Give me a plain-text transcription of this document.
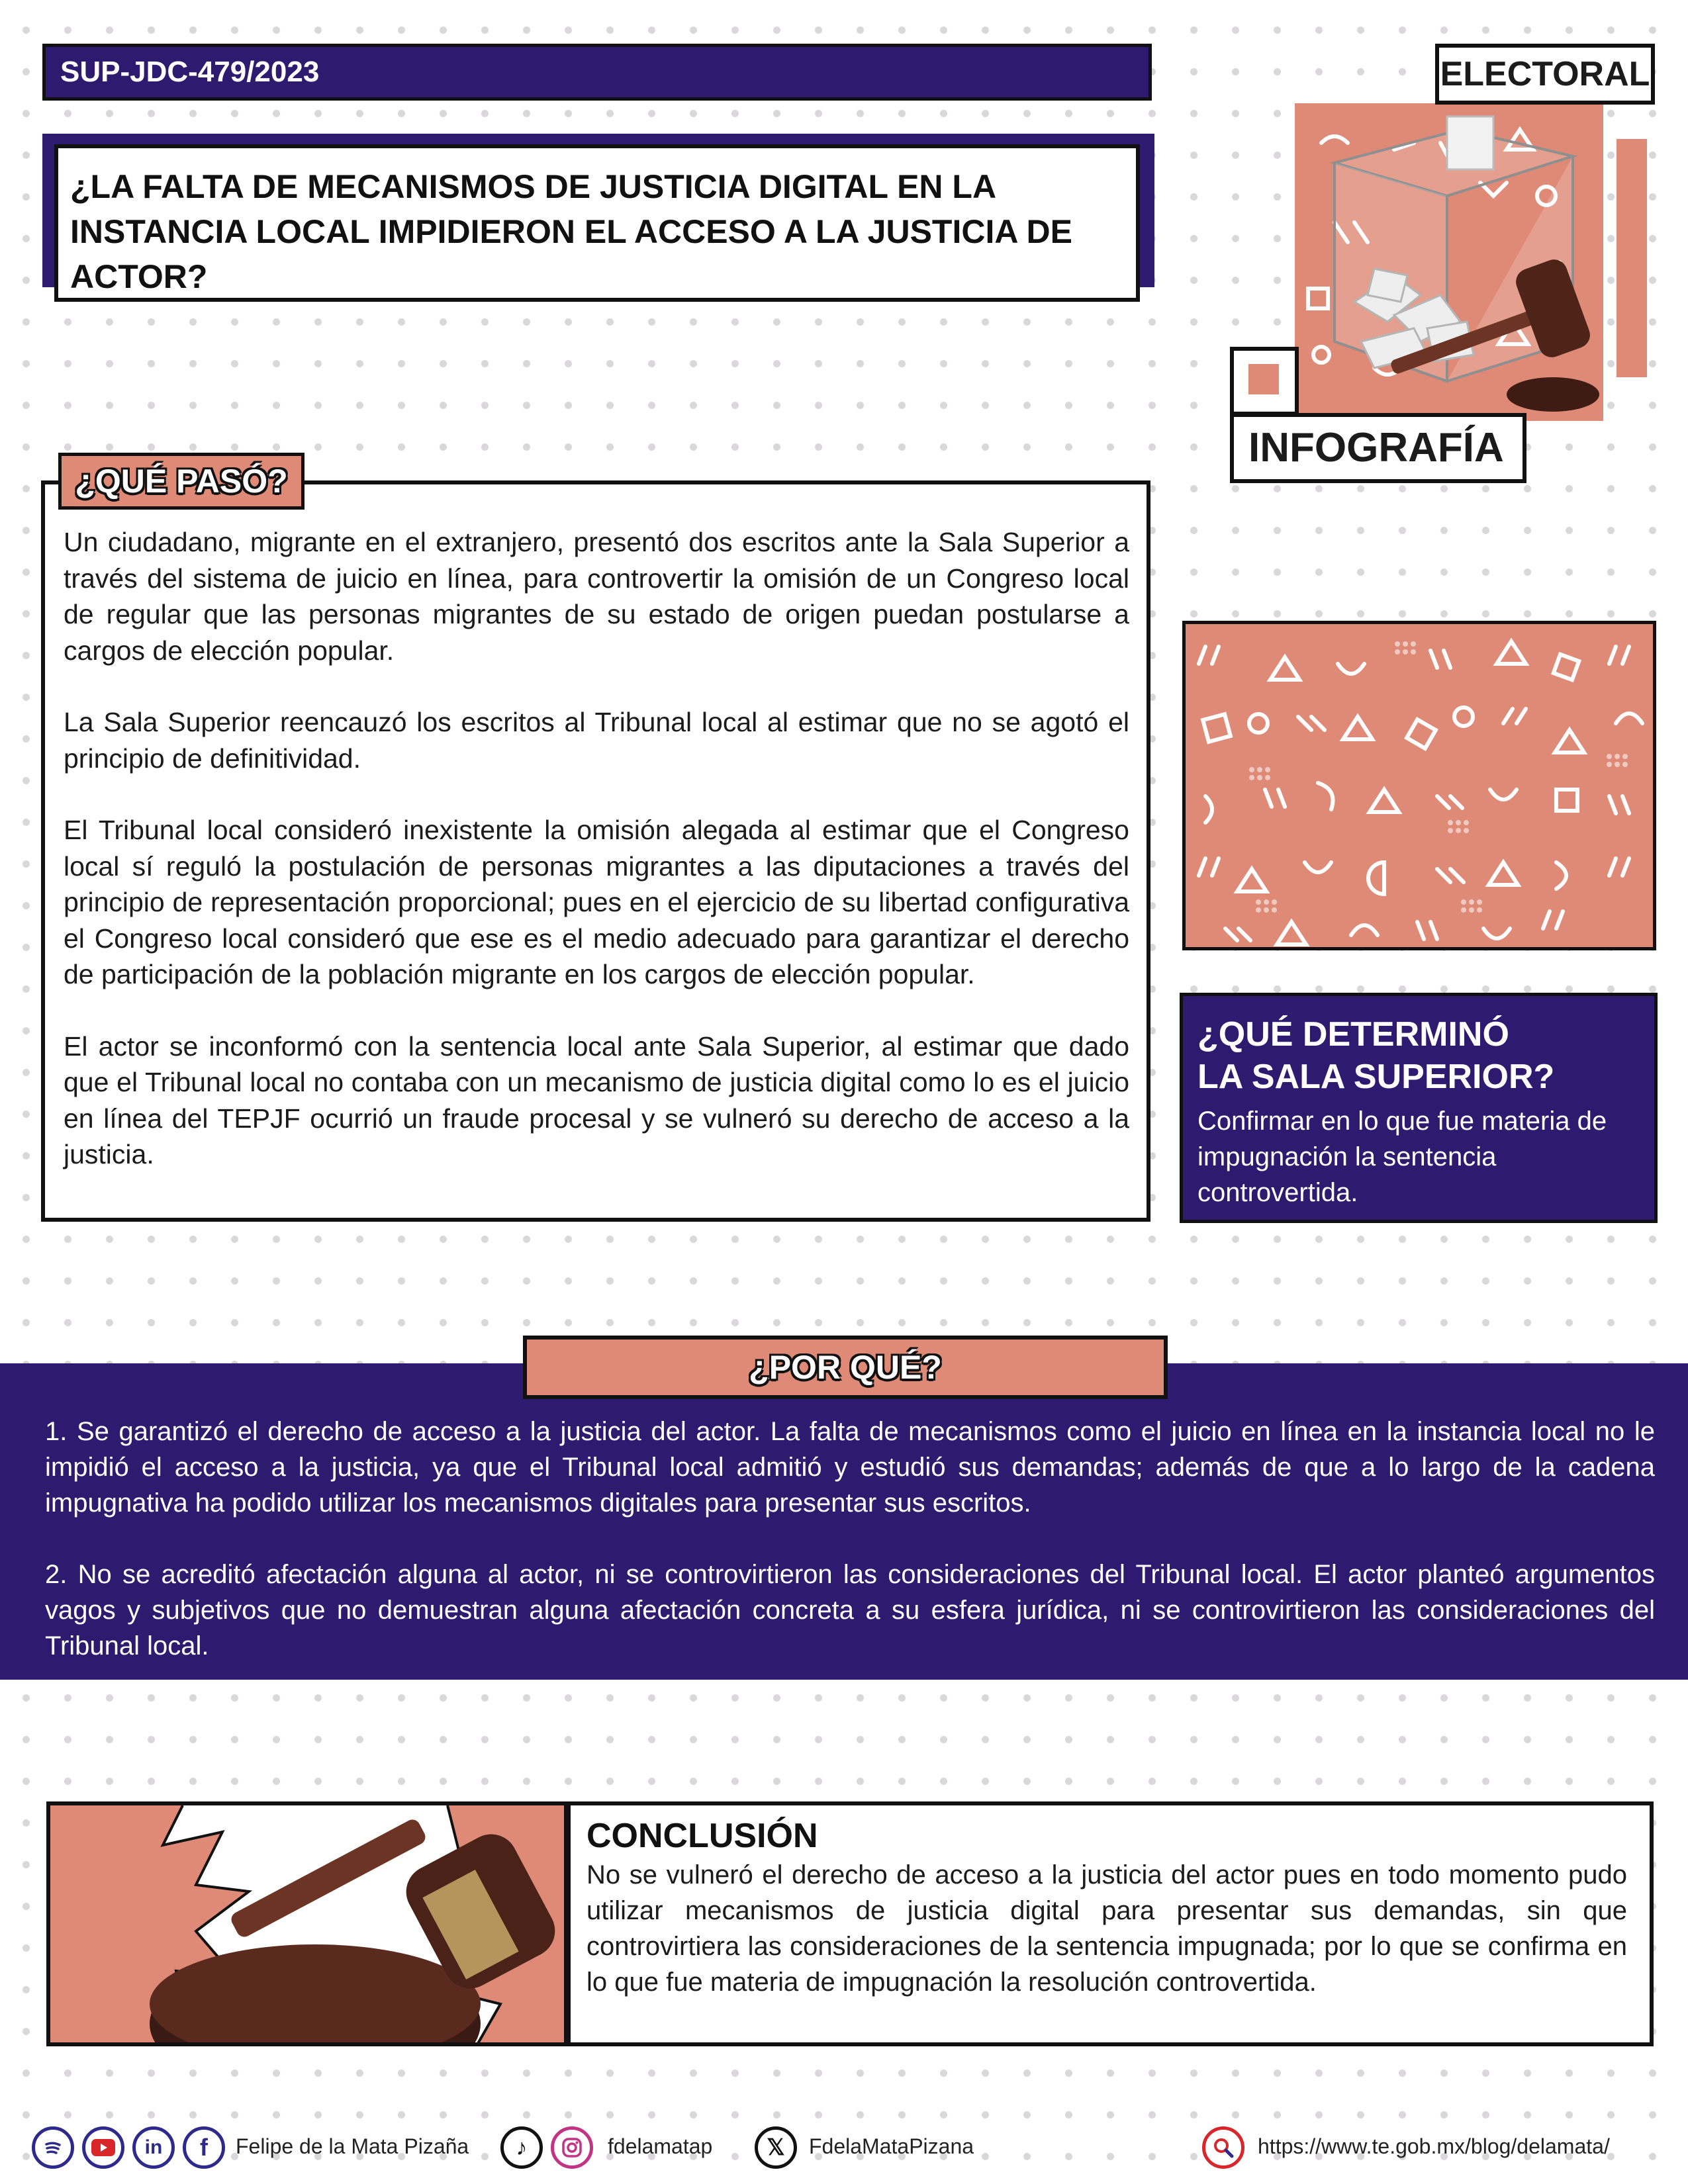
SUP-JDC-479/2023
¿LA FALTA DE MECANISMOS DE JUSTICIA DIGITAL EN LA INSTANCIA LOCAL IMPIDIERON EL ACCESO A LA JUSTICIA DE ACTOR?
ELECTORAL
INFOGRAFÍA

Un ciudadano, migrante en el extranjero, presentó dos escritos ante la Sala Superior a través del sistema de juicio en línea, para controvertir la omisión de un Congreso local de regular que las personas migrantes de su estado de origen puedan postularse a cargos de elección popular.

La Sala Superior reencauzó los escritos al Tribunal local al estimar que no se agotó el principio de definitividad.

El Tribunal local consideró inexistente la omisión alegada al estimar que el Congreso local sí reguló la postulación de personas migrantes a las diputaciones a través del principio de representación proporcional; pues en el ejercicio de su libertad configurativa el Congreso local consideró que ese es el medio adecuado para garantizar el derecho de participación de la población migrante en los cargos de elección popular.

El actor se inconformó con la sentencia local ante Sala Superior, al estimar que dado que el Tribunal local no contaba con un mecanismo de justicia digital como lo es el juicio en línea del TEPJF ocurrió un fraude procesal y se vulneró su derecho de acceso a la justicia.

¿QUÉ PASÓ?
¿QUÉ DETERMINÓ
LA SALA SUPERIOR?

Confirmar en lo que fue materia de impugnación la sentencia controvertida.

1. Se garantizó el derecho de acceso a la justicia del actor. La falta de mecanismos como el juicio en línea en la instancia local no le impidió el acceso a la justicia, ya que el Tribunal local admitió y estudió sus demandas; además de que a lo largo de la cadena impugnativa ha podido utilizar los mecanismos digitales para presentar sus escritos.

2. No se acreditó afectación alguna al actor, ni se controvirtieron las consideraciones del Tribunal local. El actor planteó argumentos vagos y subjetivos que no demuestran alguna afectación concreta a su esfera jurídica, ni se controvirtieron las consideraciones del Tribunal local.

¿POR QUÉ?
CONCLUSIÓN

No se vulneró el derecho de acceso a la justicia del actor pues en todo momento pudo utilizar mecanismos de justicia digital para presentar sus demandas, sin que controvirtiera las consideraciones de la sentencia impugnada; por lo que se confirma en lo que fue materia de impugnación la resolución controvertida.

in f Felipe de la Mata Pizaña ♪	fdelamatap 𝕏 FdelaMataPizana	https://www.te.gob.mx/blog/delamata/
